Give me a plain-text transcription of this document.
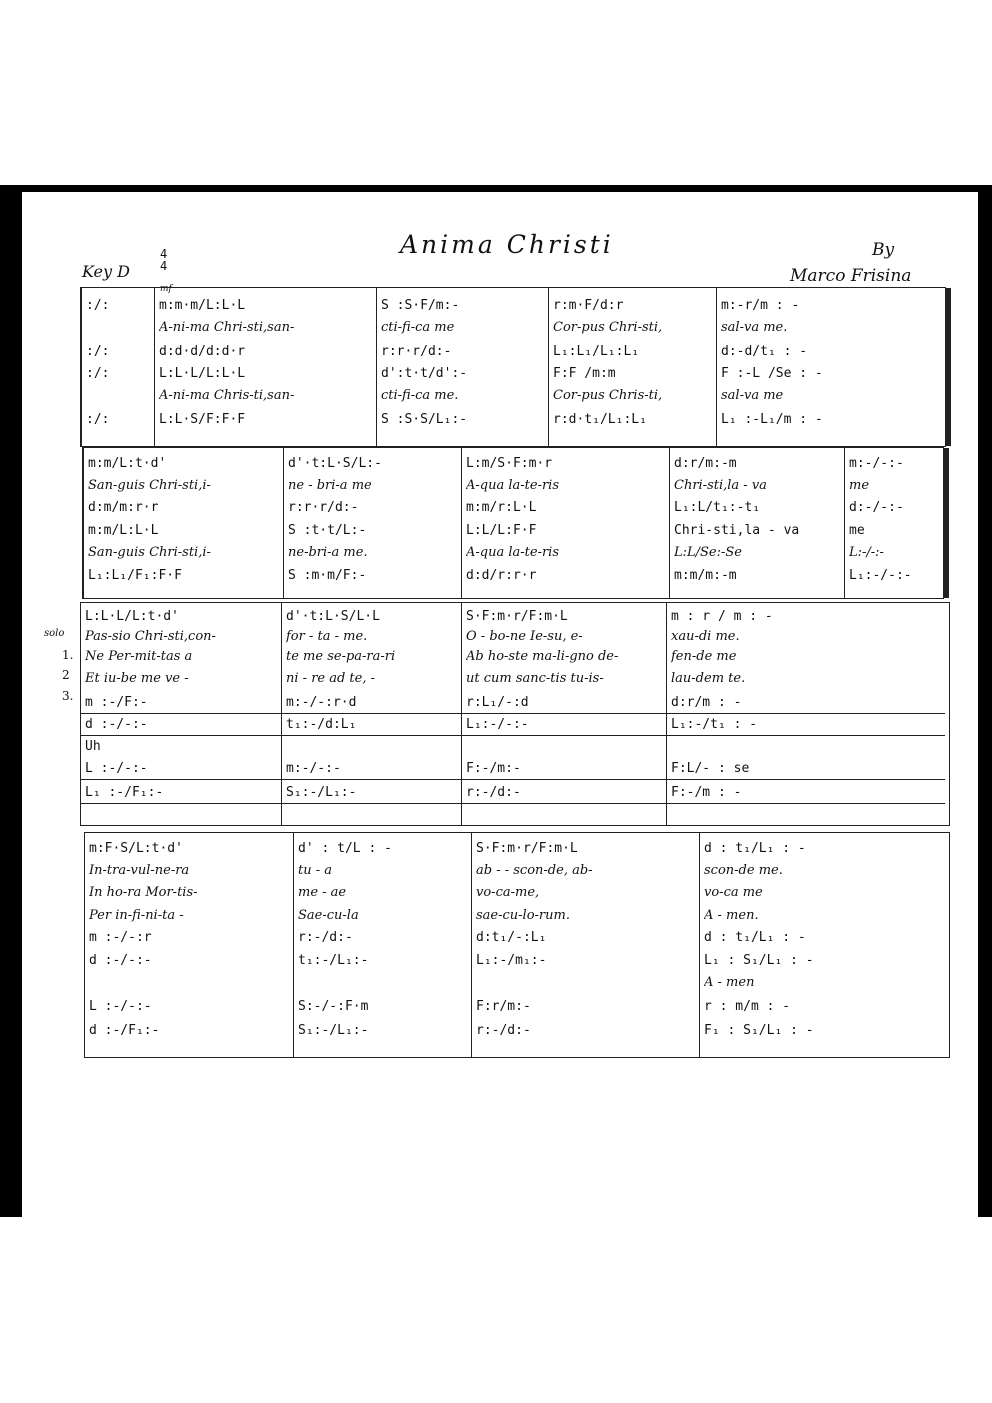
Anima Christi	By
Marco Frisina
Key D
4
4
mf
:/:
:/:
:/:
:/:
m:m·m/L:L·L
A-ni-ma Chri-sti,san-
d:d·d/d:d·r
L:L·L/L:L·L
A-ni-ma Chris-ti,san-
L:L·S/F:F·F
S :S·F/m:-
cti-fi-ca me
r:r·r/d:-
d':t·t/d':-
cti-fi-ca me.
S :S·S/L₁:-
r:m·F/d:r
Cor-pus Chri-sti,
L₁:L₁/L₁:L₁
F:F /m:m
Cor-pus Chris-ti,
r:d·t₁/L₁:L₁
m:-r/m : -
sal-va me.
d:-d/t₁ : -
F :-L /Se : -
sal-va me
L₁ :-L₁/m : -
m:m/L:t·d'
San-guis Chri-sti,i-
d:m/m:r·r
m:m/L:L·L
San-guis Chri-sti,i-
L₁:L₁/F₁:F·F
d'·t:L·S/L:-
ne - bri-a me
r:r·r/d:-
S :t·t/L:-
ne-bri-a me.
S :m·m/F:-
L:m/S·F:m·r
A-qua la-te-ris
m:m/r:L·L
L:L/L:F·F
A-qua la-te-ris
d:d/r:r·r
d:r/m:-m
Chri-sti,la - va
L₁:L/t₁:-t₁
Chri-sti,la - va
L:L/Se:-Se
m:m/m:-m
m:-/-:-
me
d:-/-:-
me
L:-/-:-
L₁:-/-:-
L:L·L/L:t·d'
Pas-sio Chri-sti,con-
Ne Per-mit-tas a
Et iu-be me ve -
m :-/F:-
d :-/-:-
Uh
L :-/-:-
L₁ :-/F₁:-
d'·t:L·S/L·L
for - ta - me.
te me se-pa-ra-ri
ni - re ad te, -
m:-/-:r·d
t₁:-/d:L₁
m:-/-:-
S₁:-/L₁:-
S·F:m·r/F:m·L
O - bo-ne Ie-su, e-
Ab ho-ste ma-li-gno de-
ut cum sanc-tis tu-is-
r:L₁/-:d
L₁:-/-:-
F:-/m:-
r:-/d:-
m : r / m : -
xau-di me.
fen-de me
lau-dem te.
d:r/m : -
L₁:-/t₁ : -
F:L/- : se
F:-/m : -
solo
1.
2
3.
m:F·S/L:t·d'
In-tra-vul-ne-ra
In ho-ra Mor-tis-
Per in-fi-ni-ta -
m :-/-:r
d :-/-:-
L :-/-:-
d :-/F₁:-
d' : t/L : -
tu - a
me - ae
Sae-cu-la
r:-/d:-
t₁:-/L₁:-
S:-/-:F·m
S₁:-/L₁:-
S·F:m·r/F:m·L
ab - - scon-de, ab-
vo-ca-me,
sae-cu-lo-rum.
d:t₁/-:L₁
L₁:-/m₁:-
F:r/m:-
r:-/d:-
d : t₁/L₁ : -
scon-de me.
vo-ca me
A - men.
d : t₁/L₁ : -
L₁ : S₁/L₁ : -
A - men
r : m/m : -
F₁ : S₁/L₁ : -
